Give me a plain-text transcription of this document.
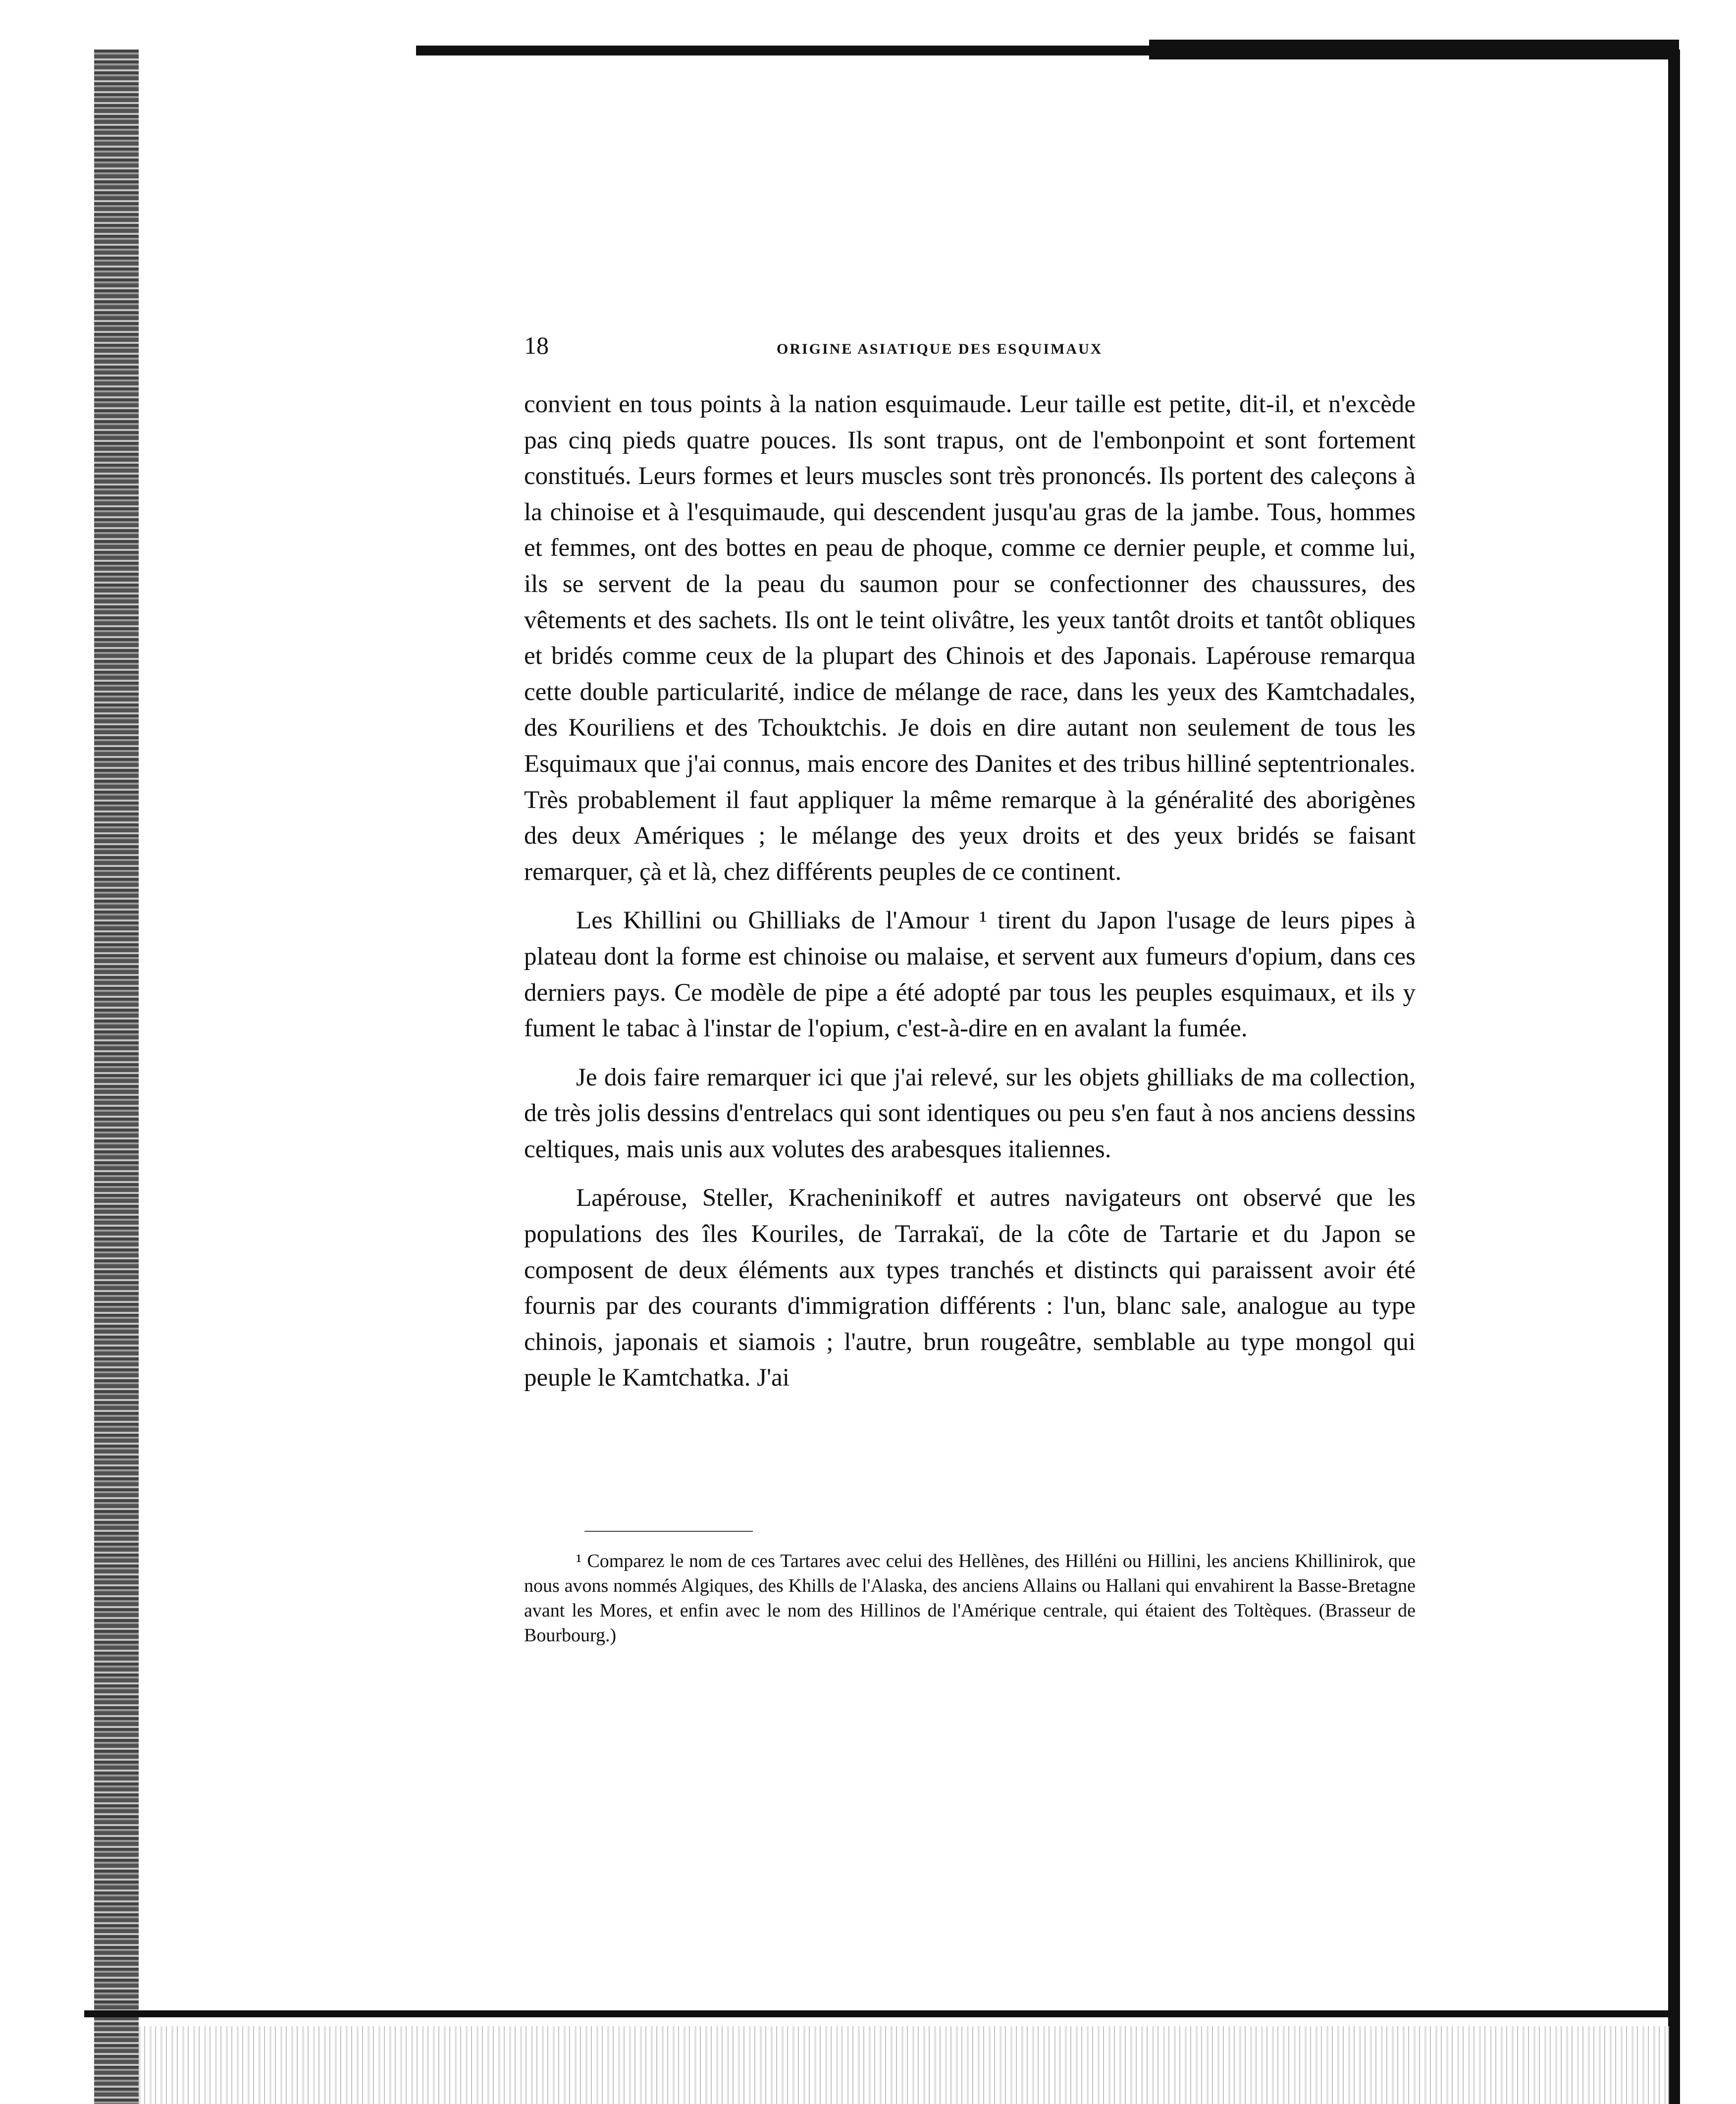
18	ORIGINE ASIATIQUE DES ESQUIMAUX

convient en tous points à la nation esquimaude. Leur taille est petite, dit-il, et n'excède pas cinq pieds quatre pouces. Ils sont trapus, ont de l'embonpoint et sont fortement constitués. Leurs formes et leurs muscles sont très prononcés. Ils portent des caleçons à la chinoise et à l'esquimaude, qui descendent jusqu'au gras de la jambe. Tous, hommes et femmes, ont des bottes en peau de phoque, comme ce dernier peuple, et comme lui, ils se servent de la peau du saumon pour se confectionner des chaussures, des vêtements et des sachets. Ils ont le teint olivâtre, les yeux tantôt droits et tantôt obliques et bridés comme ceux de la plupart des Chinois et des Japonais. Lapérouse remarqua cette double particularité, indice de mélange de race, dans les yeux des Kamtchadales, des Kouriliens et des Tchouktchis. Je dois en dire autant non seulement de tous les Esquimaux que j'ai connus, mais encore des Danites et des tribus hilliné septentrionales. Très probablement il faut appliquer la même remarque à la généralité des aborigènes des deux Amériques ; le mélange des yeux droits et des yeux bridés se faisant remarquer, çà et là, chez différents peuples de ce continent.

Les Khillini ou Ghilliaks de l'Amour ¹ tirent du Japon l'usage de leurs pipes à plateau dont la forme est chinoise ou malaise, et servent aux fumeurs d'opium, dans ces derniers pays. Ce modèle de pipe a été adopté par tous les peuples esquimaux, et ils y fument le tabac à l'instar de l'opium, c'est-à-dire en en avalant la fumée.

Je dois faire remarquer ici que j'ai relevé, sur les objets ghilliaks de ma collection, de très jolis dessins d'entrelacs qui sont identiques ou peu s'en faut à nos anciens dessins celtiques, mais unis aux volutes des arabesques italiennes.

Lapérouse, Steller, Kracheninikoff et autres navigateurs ont observé que les populations des îles Kouriles, de Tarrakaï, de la côte de Tartarie et du Japon se composent de deux éléments aux types tranchés et distincts qui paraissent avoir été fournis par des courants d'immigration différents : l'un, blanc sale, analogue au type chinois, japonais et siamois ; l'autre, brun rougeâtre, semblable au type mongol qui peuple le Kamtchatka. J'ai

¹ Comparez le nom de ces Tartares avec celui des Hellènes, des Hilléni ou Hillini, les anciens Khillinirok, que nous avons nommés Algiques, des Khills de l'Alaska, des anciens Allains ou Hallani qui envahirent la Basse-Bretagne avant les Mores, et enfin avec le nom des Hillinos de l'Amérique centrale, qui étaient des Toltèques. (Brasseur de Bourbourg.)
